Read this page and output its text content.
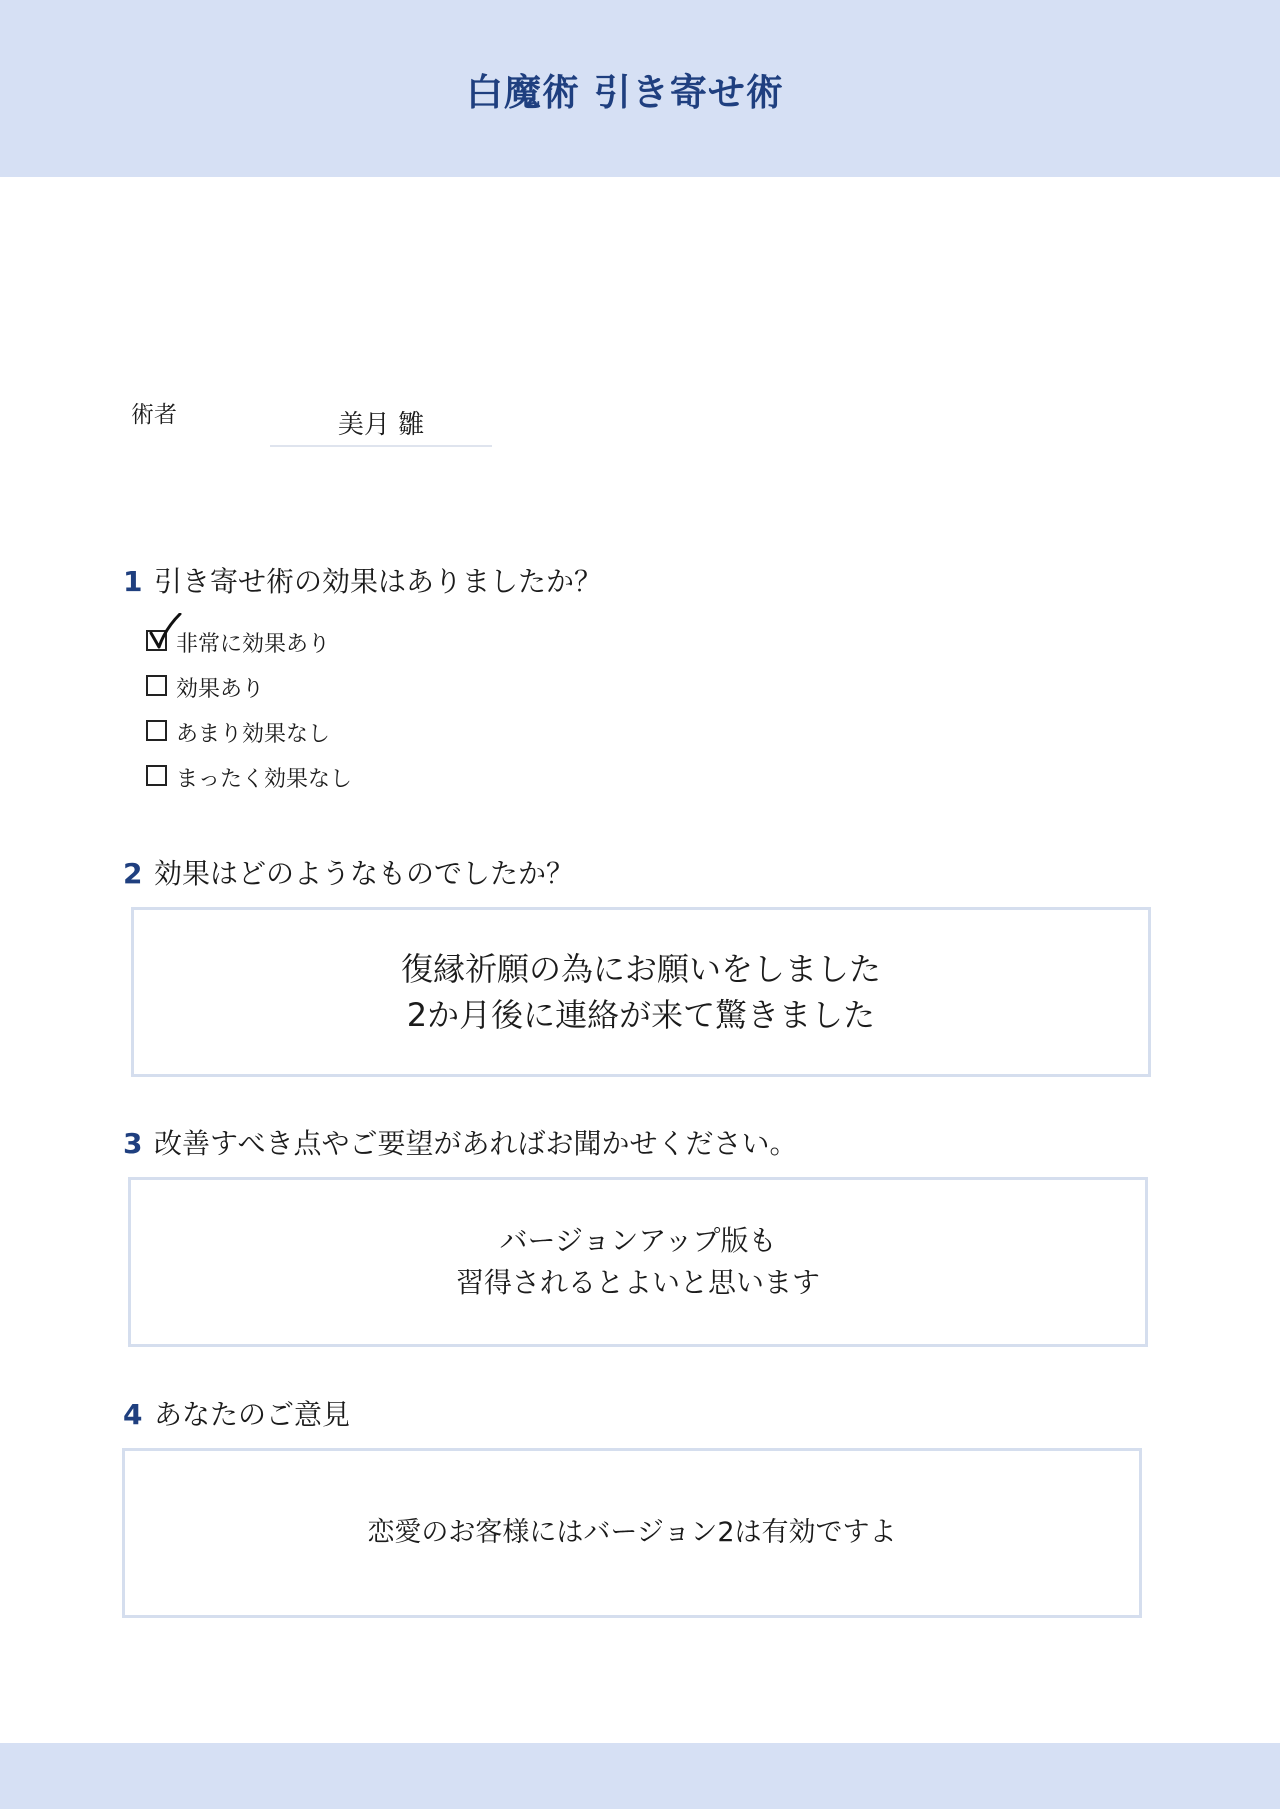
白魔術 引き寄せ術
術者	美月 雛
1 引き寄せ術の効果はありましたか？
非常に効果あり
効果あり
あまり効果なし
まったく効果なし
2 効果はどのようなものでしたか？
復縁祈願の為にお願いをしました
2か月後に連絡が来て驚きました
3 改善すべき点やご要望があればお聞かせください。
バージョンアップ版も
習得されるとよいと思います
4 あなたのご意見
恋愛のお客様にはバージョン2は有効ですよ
